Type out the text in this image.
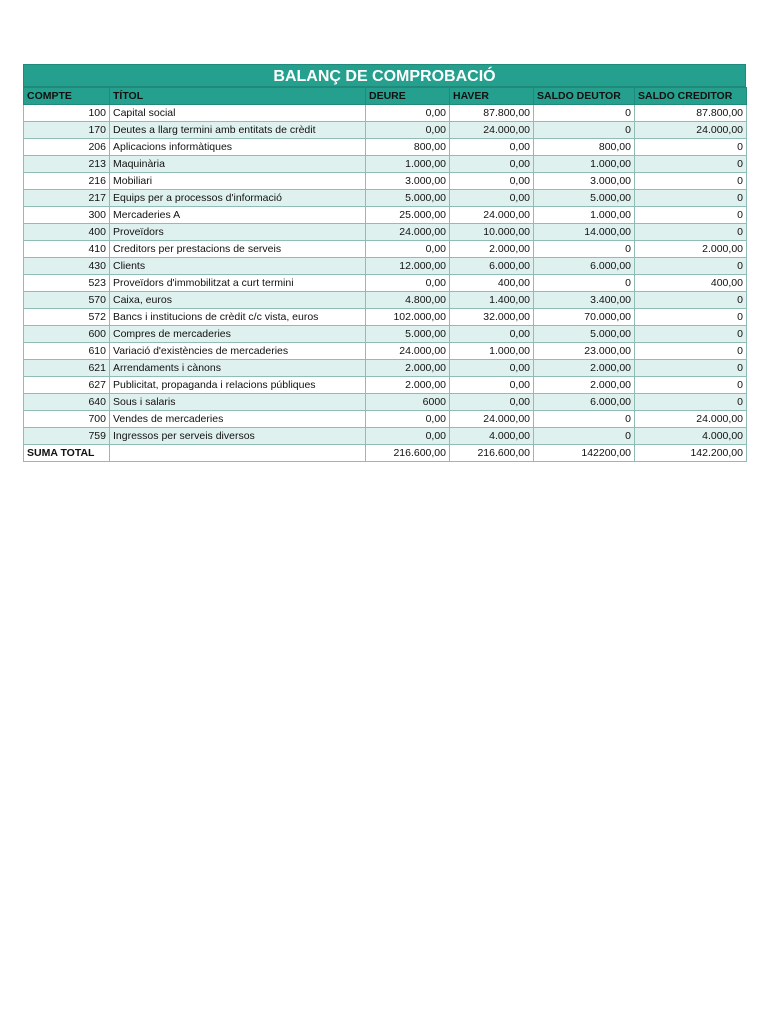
BALANÇ DE COMPROBACIÓ
COMPTE	TÍTOL	DEURE	HAVER	SALDO DEUTOR	SALDO CREDITOR
100	Capital social	0,00	87.800,00	0	87.800,00
170	Deutes a llarg termini amb entitats de crèdit	0,00	24.000,00	0	24.000,00
206	Aplicacions informàtiques	800,00	0,00	800,00	0
213	Maquinària	1.000,00	0,00	1.000,00	0
216	Mobiliari	3.000,00	0,00	3.000,00	0
217	Equips per a processos d'informació	5.000,00	0,00	5.000,00	0
300	Mercaderies A	25.000,00	24.000,00	1.000,00	0
400	Proveïdors	24.000,00	10.000,00	14.000,00	0
410	Creditors per prestacions de serveis	0,00	2.000,00	0	2.000,00
430	Clients	12.000,00	6.000,00	6.000,00	0
523	Proveïdors d'immobilitzat a curt termini	0,00	400,00	0	400,00
570	Caixa, euros	4.800,00	1.400,00	3.400,00	0
572	Bancs i institucions de crèdit c/c vista, euros	102.000,00	32.000,00	70.000,00	0
600	Compres de mercaderies	5.000,00	0,00	5.000,00	0
610	Variació d'existències de mercaderies	24.000,00	1.000,00	23.000,00	0
621	Arrendaments i cànons	2.000,00	0,00	2.000,00	0
627	Publicitat, propaganda i relacions públiques	2.000,00	0,00	2.000,00	0
640	Sous i salaris	6000	0,00	6.000,00	0
700	Vendes de mercaderies	0,00	24.000,00	0	24.000,00
759	Ingressos per serveis diversos	0,00	4.000,00	0	4.000,00
SUMA TOTAL		216.600,00	216.600,00	142200,00	142.200,00
